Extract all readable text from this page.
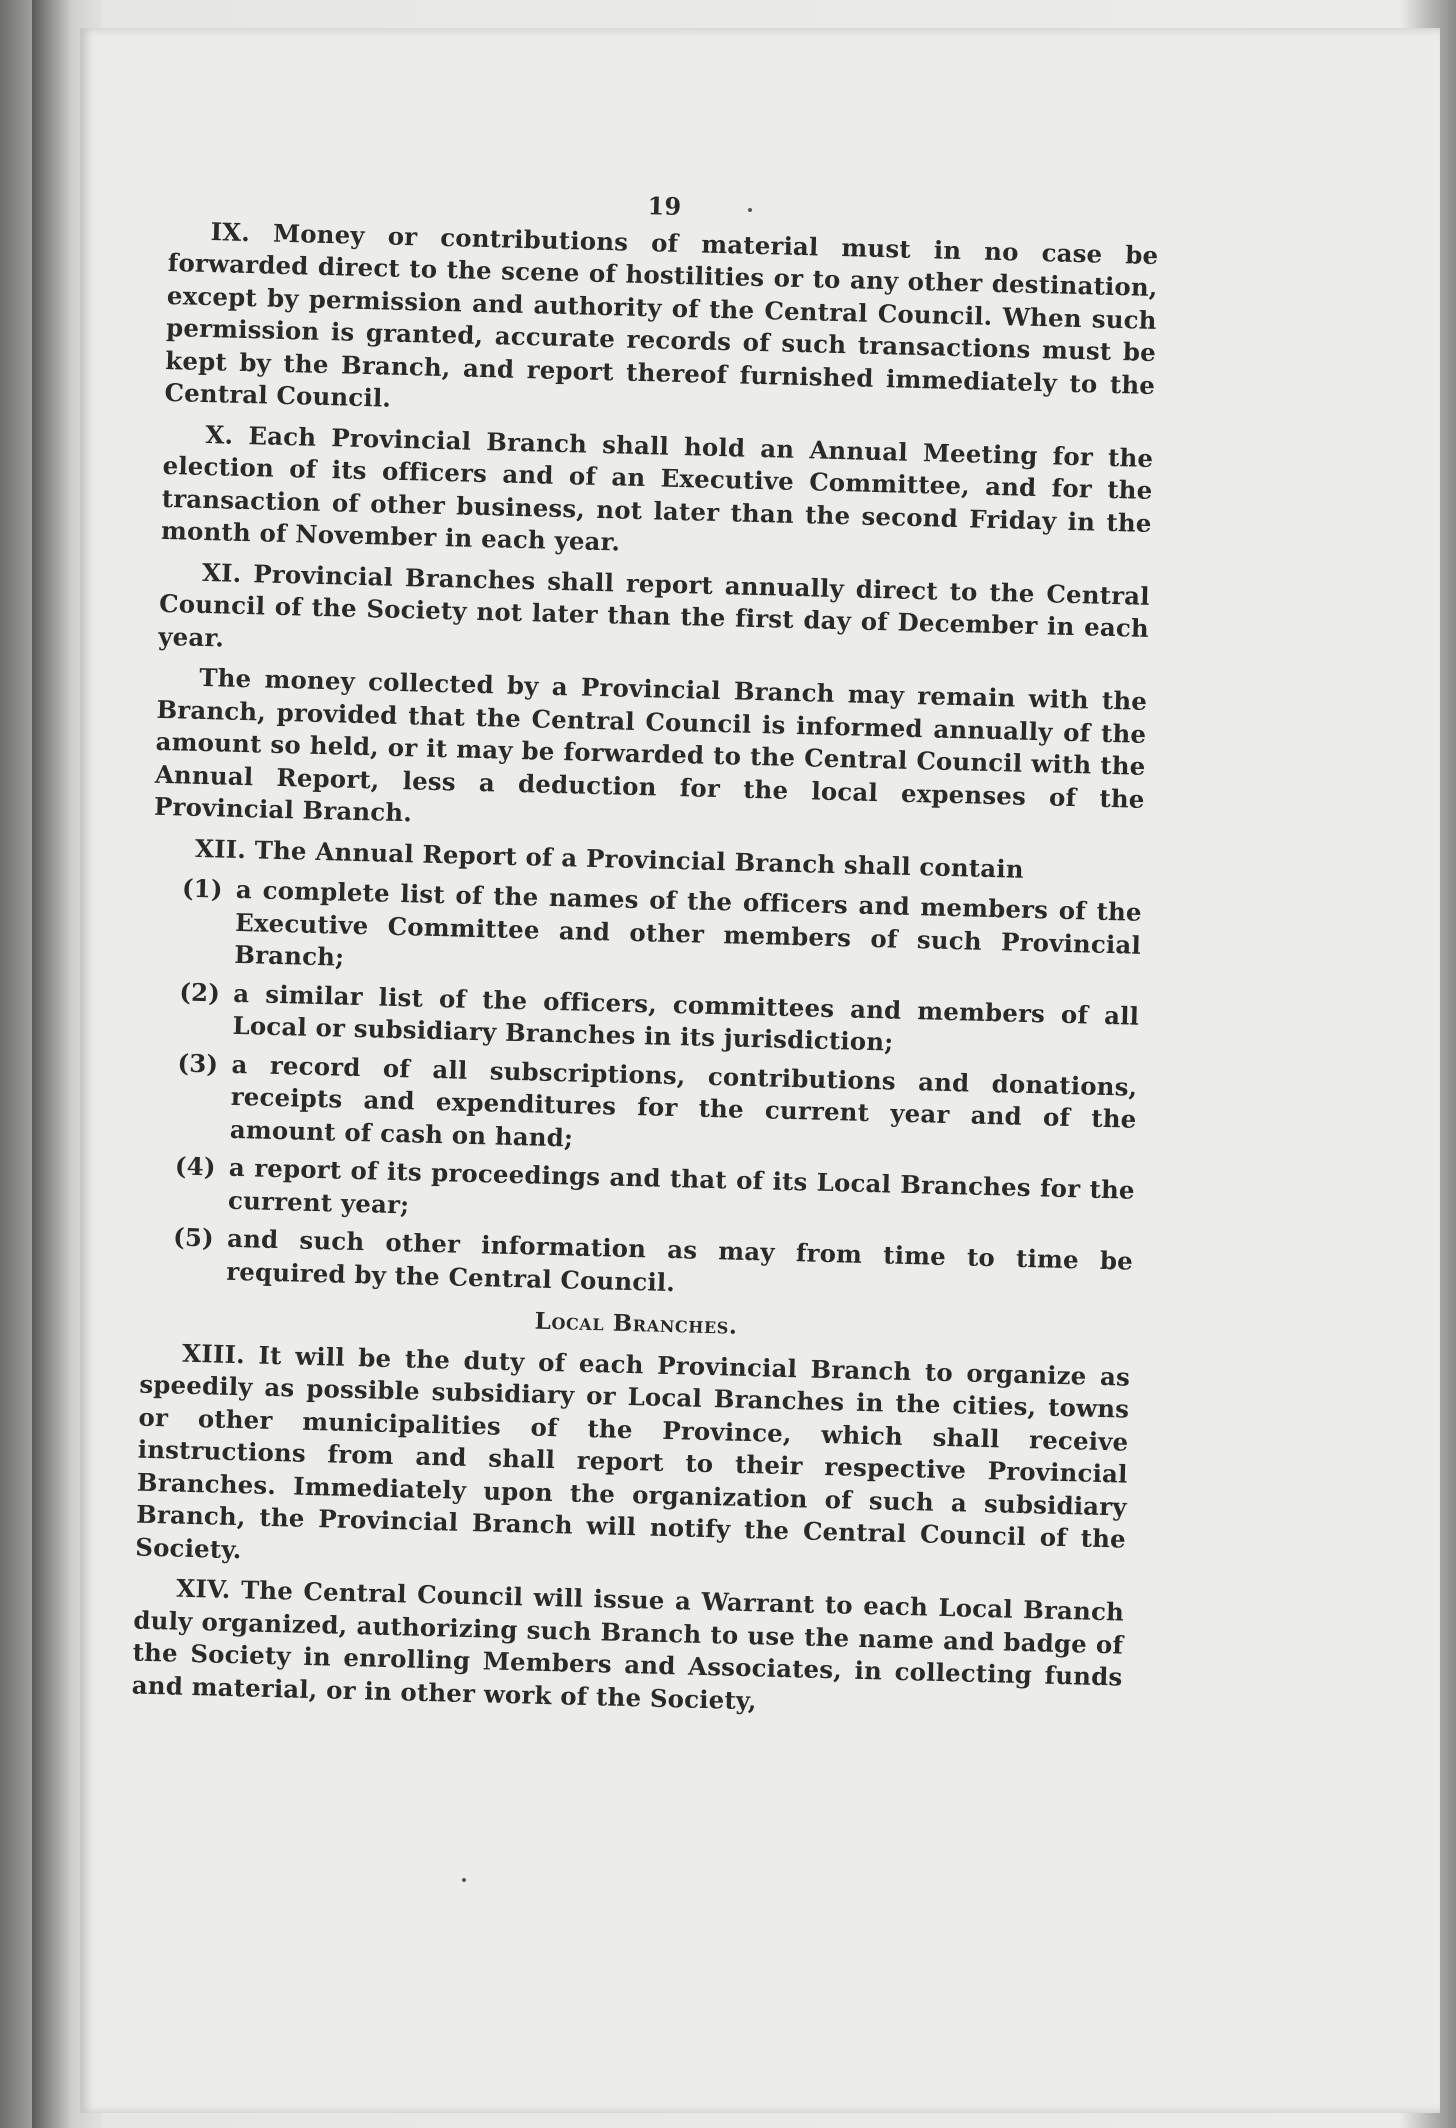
19

IX. Money or contributions of material must in no case be forwarded direct to the scene of hostilities or to any other destination, except by permission and authority of the Central Council. When such permission is granted, accurate records of such transactions must be kept by the Branch, and report thereof furnished immediately to the Central Council.

X. Each Provincial Branch shall hold an Annual Meeting for the election of its officers and of an Executive Committee, and for the transaction of other business, not later than the second Friday in the month of November in each year.

XI. Provincial Branches shall report annually direct to the Central Council of the Society not later than the first day of December in each year.

The money collected by a Provincial Branch may remain with the Branch, provided that the Central Council is informed annually of the amount so held, or it may be forwarded to the Central Council with the Annual Report, less a deduction for the local expenses of the Provincial Branch.

XII. The Annual Report of a Provincial Branch shall contain

(1) a complete list of the names of the officers and members of the Executive Committee and other members of such Provincial Branch;
(2) a similar list of the officers, committees and members of all Local or subsidiary Branches in its jurisdiction;
(3) a record of all subscriptions, contributions and donations, receipts and expenditures for the current year and of the amount of cash on hand;
(4) a report of its proceedings and that of its Local Branches for the current year;
(5) and such other information as may from time to time be required by the Central Council.
Local Branches.

XIII. It will be the duty of each Provincial Branch to organize as speedily as possible subsidiary or Local Branches in the cities, towns or other municipalities of the Province, which shall receive instructions from and shall report to their respective Provincial Branches. Immediately upon the organization of such a subsidiary Branch, the Provincial Branch will notify the Central Council of the Society.

XIV. The Central Council will issue a Warrant to each Local Branch duly organized, authorizing such Branch to use the name and badge of the Society in enrolling Members and Associates, in collecting funds and material, or in other work of the Society,
